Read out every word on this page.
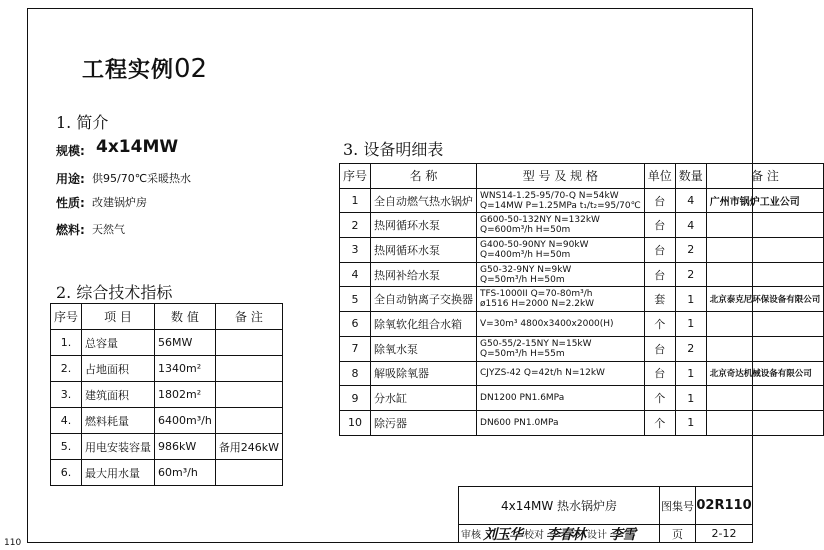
工程实例02
1. 简介
规模: 4x14MW
用途: 供95/70℃采暖热水
性质: 改建锅炉房
燃料: 天然气
2. 综合技术指标
序号	项 目	数 值	备 注
1.	总容量	56MW	
2.	占地面积	1340m²	
3.	建筑面积	1802m²	
4.	燃料耗量	6400m³/h	
5.	用电安装容量	986kW	备用246kW
6.	最大用水量	60m³/h	
3. 设备明细表
序号	名 称	型 号 及 规 格	单位	数量	备 注
1	全自动燃气热水锅炉	WNS14-1.25-95/70-Q N=54kW
Q=14MW P=1.25MPa t₁/t₂=95/70℃	台	4	广州市锅炉工业公司
2	热网循环水泵	G600-50-132NY N=132kW
Q=600m³/h H=50m	台	4	
3	热网循环水泵	G400-50-90NY N=90kW
Q=400m³/h H=50m	台	2	
4	热网补给水泵	G50-32-9NY N=9kW
Q=50m³/h H=50m	台	2	
5	全自动钠离子交换器	TFS-1000II Q=70-80m³/h
ø1516 H=2000 N=2.2kW	套	1	北京泰克尼环保设备有限公司
6	除氧软化组合水箱	V=30m³ 4800x3400x2000(H)	个	1	
7	除氧水泵	G50-55/2-15NY N=15kW
Q=50m³/h H=55m	台	2	
8	解吸除氧器	CJYZS-42 Q=42t/h N=12kW	台	1	北京奇达机械设备有限公司
9	分水缸	DN1200 PN1.6MPa	个	1	
10	除污器	DN600 PN1.0MPa	个	1	
4x14MW 热水锅炉房	图集号 02R110
审核 刘玉华 校对 李春林 设计 李雪	页	2-12
110
